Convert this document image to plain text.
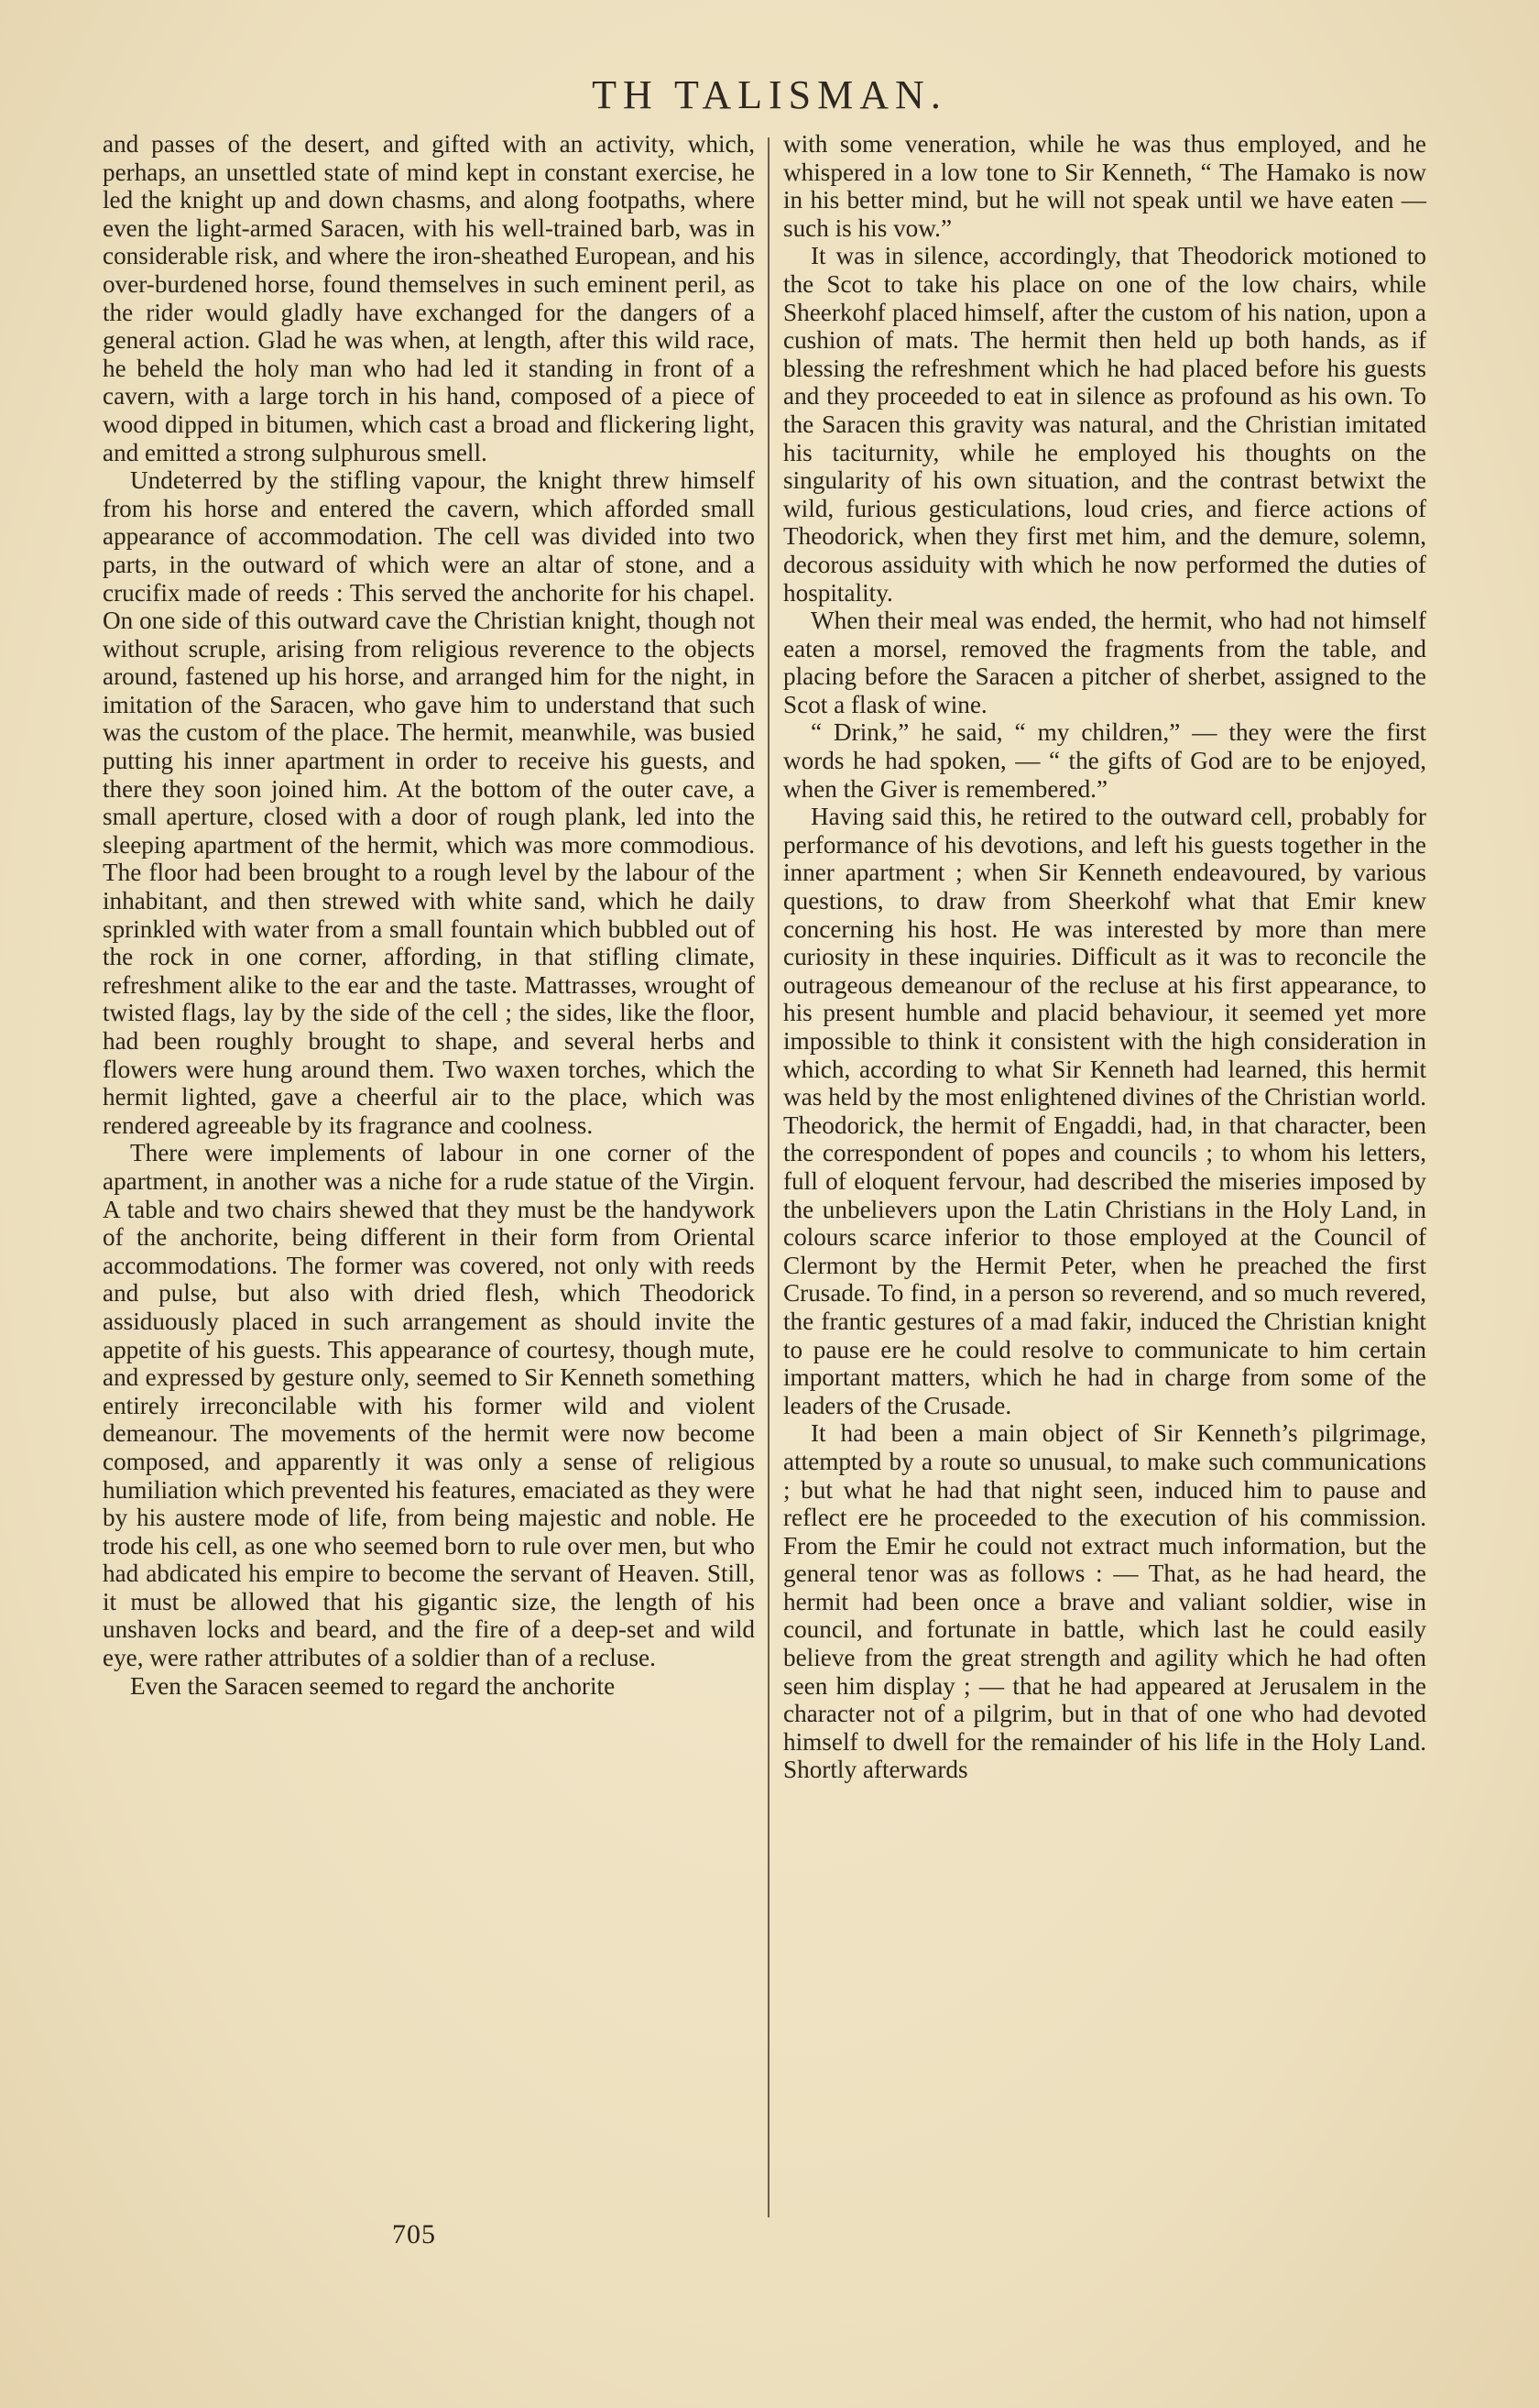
TH TALISMAN.

and passes of the desert, and gifted with an activity, which, perhaps, an unsettled state of mind kept in constant exercise, he led the knight up and down chasms, and along footpaths, where even the light-armed Saracen, with his well-trained barb, was in considerable risk, and where the iron-sheathed European, and his over-burdened horse, found themselves in such eminent peril, as the rider would gladly have exchanged for the dangers of a general action. Glad he was when, at length, after this wild race, he beheld the holy man who had led it standing in front of a cavern, with a large torch in his hand, composed of a piece of wood dipped in bitumen, which cast a broad and flickering light, and emitted a strong sulphurous smell.

Undeterred by the stifling vapour, the knight threw himself from his horse and entered the cavern, which afforded small appearance of accommodation. The cell was divided into two parts, in the outward of which were an altar of stone, and a crucifix made of reeds : This served the anchorite for his chapel. On one side of this outward cave the Christian knight, though not without scruple, arising from religious reverence to the objects around, fastened up his horse, and arranged him for the night, in imitation of the Saracen, who gave him to understand that such was the custom of the place. The hermit, meanwhile, was busied putting his inner apartment in order to receive his guests, and there they soon joined him. At the bottom of the outer cave, a small aperture, closed with a door of rough plank, led into the sleeping apartment of the hermit, which was more commodious. The floor had been brought to a rough level by the labour of the inhabitant, and then strewed with white sand, which he daily sprinkled with water from a small fountain which bubbled out of the rock in one corner, affording, in that stifling climate, refreshment alike to the ear and the taste. Mattrasses, wrought of twisted flags, lay by the side of the cell ; the sides, like the floor, had been roughly brought to shape, and several herbs and flowers were hung around them. Two waxen torches, which the hermit lighted, gave a cheerful air to the place, which was rendered agreeable by its fragrance and coolness.

There were implements of labour in one corner of the apartment, in another was a niche for a rude statue of the Virgin. A table and two chairs shewed that they must be the handywork of the anchorite, being different in their form from Oriental accommodations. The former was covered, not only with reeds and pulse, but also with dried flesh, which Theodorick assiduously placed in such arrangement as should invite the appetite of his guests. This appearance of courtesy, though mute, and expressed by gesture only, seemed to Sir Kenneth something entirely irreconcilable with his former wild and violent demeanour. The movements of the hermit were now become composed, and apparently it was only a sense of religious humiliation which prevented his features, emaciated as they were by his austere mode of life, from being majestic and noble. He trode his cell, as one who seemed born to rule over men, but who had abdicated his empire to become the servant of Heaven. Still, it must be allowed that his gigantic size, the length of his unshaven locks and beard, and the fire of a deep-set and wild eye, were rather attributes of a soldier than of a recluse.

Even the Saracen seemed to regard the anchorite

with some veneration, while he was thus employed, and he whispered in a low tone to Sir Kenneth, “ The Hamako is now in his better mind, but he will not speak until we have eaten — such is his vow.”

It was in silence, accordingly, that Theodorick motioned to the Scot to take his place on one of the low chairs, while Sheerkohf placed himself, after the custom of his nation, upon a cushion of mats. The hermit then held up both hands, as if blessing the refreshment which he had placed before his guests and they proceeded to eat in silence as profound as his own. To the Saracen this gravity was natural, and the Christian imitated his taciturnity, while he employed his thoughts on the singularity of his own situation, and the contrast betwixt the wild, furious gesticulations, loud cries, and fierce actions of Theodorick, when they first met him, and the demure, solemn, decorous assiduity with which he now performed the duties of hospitality.

When their meal was ended, the hermit, who had not himself eaten a morsel, removed the fragments from the table, and placing before the Saracen a pitcher of sherbet, assigned to the Scot a flask of wine.

“ Drink,” he said, “ my children,” — they were the first words he had spoken, — “ the gifts of God are to be enjoyed, when the Giver is remembered.”

Having said this, he retired to the outward cell, probably for performance of his devotions, and left his guests together in the inner apartment ; when Sir Kenneth endeavoured, by various questions, to draw from Sheerkohf what that Emir knew concerning his host. He was interested by more than mere curiosity in these inquiries. Difficult as it was to reconcile the outrageous demeanour of the recluse at his first appearance, to his present humble and placid behaviour, it seemed yet more impossible to think it consistent with the high consideration in which, according to what Sir Kenneth had learned, this hermit was held by the most enlightened divines of the Christian world. Theodorick, the hermit of Engaddi, had, in that character, been the correspondent of popes and councils ; to whom his letters, full of eloquent fervour, had described the miseries imposed by the unbelievers upon the Latin Christians in the Holy Land, in colours scarce inferior to those employed at the Council of Clermont by the Hermit Peter, when he preached the first Crusade. To find, in a person so reverend, and so much revered, the frantic gestures of a mad fakir, induced the Christian knight to pause ere he could resolve to communicate to him certain important matters, which he had in charge from some of the leaders of the Crusade.

It had been a main object of Sir Kenneth’s pilgrimage, attempted by a route so unusual, to make such communications ; but what he had that night seen, induced him to pause and reflect ere he proceeded to the execution of his commission. From the Emir he could not extract much information, but the general tenor was as follows : — That, as he had heard, the hermit had been once a brave and valiant soldier, wise in council, and fortunate in battle, which last he could easily believe from the great strength and agility which he had often seen him display ; — that he had appeared at Jerusalem in the character not of a pilgrim, but in that of one who had devoted himself to dwell for the remainder of his life in the Holy Land. Shortly afterwards

705
